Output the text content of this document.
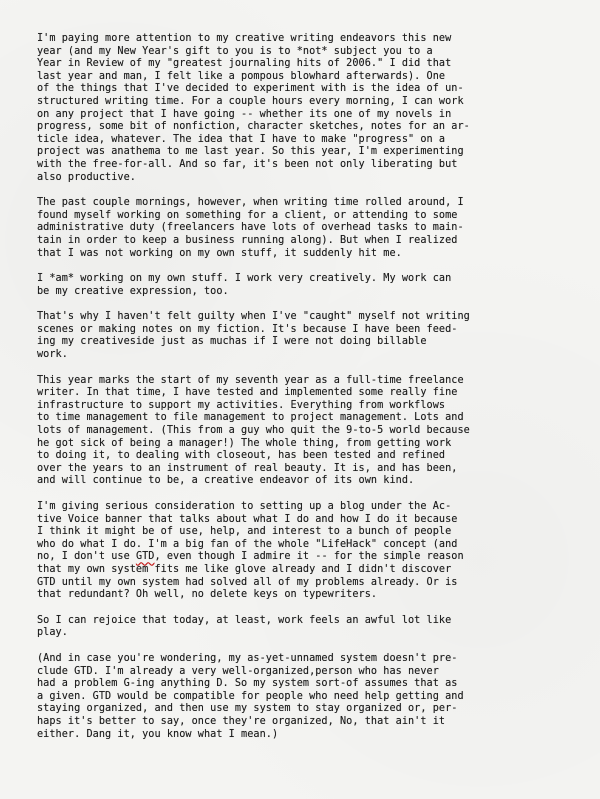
I'm paying more attention to my creative writing endeavors this new
year (and my New Year's gift to you is to *not* subject you to a
Year in Review of my "greatest journaling hits of 2006." I did that
last year and man, I felt like a pompous blowhard afterwards). One
of the things that I've decided to experiment with is the idea of un-
structured writing time. For a couple hours every morning, I can work
on any project that I have going -- whether its one of my novels in
progress, some bit of nonfiction, character sketches, notes for an ar-
ticle idea, whatever. The idea that I have to make "progress" on a
project was anathema to me last year. So this year, I'm experimenting
with the free-for-all. And so far, it's been not only liberating but
also productive.
The past couple mornings, however, when writing time rolled around, I
found myself working on something for a client, or attending to some
administrative duty (freelancers have lots of overhead tasks to main-
tain in order to keep a business running along). But when I realized
that I was not working on my own stuff, it suddenly hit me.
I *am* working on my own stuff. I work very creatively. My work can
be my creative expression, too.
That's why I haven't felt guilty when I've "caught" myself not writing
scenes or making notes on my fiction. It's because I have been feed-
ing my creativeside just as muchas if I were not doing billable
work.
This year marks the start of my seventh year as a full-time freelance
writer. In that time, I have tested and implemented some really fine
infrastructure to support my activities. Everything from workflows
to time management to file management to project management. Lots and
lots of management. (This from a guy who quit the 9-to-5 world because
he got sick of being a manager!) The whole thing, from getting work
to doing it, to dealing with closeout, has been tested and refined
over the years to an instrument of real beauty. It is, and has been,
and will continue to be, a creative endeavor of its own kind.
I'm giving serious consideration to setting up a blog under the Ac-
tive Voice banner that talks about what I do and how I do it because
I think it might be of use, help, and interest to a bunch of people
who do what I do. I'm a big fan of the whole "LifeHack" concept (and
no, I don't use GTD, even though I admire it -- for the simple reason
that my own system fits me like glove already and I didn't discover
GTD until my own system had solved all of my problems already. Or is
that redundant? Oh well, no delete keys on typewriters.
So I can rejoice that today, at least, work feels an awful lot like
play.
(And in case you're wondering, my as-yet-unnamed system doesn't pre-
clude GTD. I'm already a very well-organized,person who has never
had a problem G-ing anything D. So my system sort-of assumes that as
a given. GTD would be compatible for people who need help getting and
staying organized, and then use my system to stay organized or, per-
haps it's better to say, once they're organized, No, that ain't it
either. Dang it, you know what I mean.)
